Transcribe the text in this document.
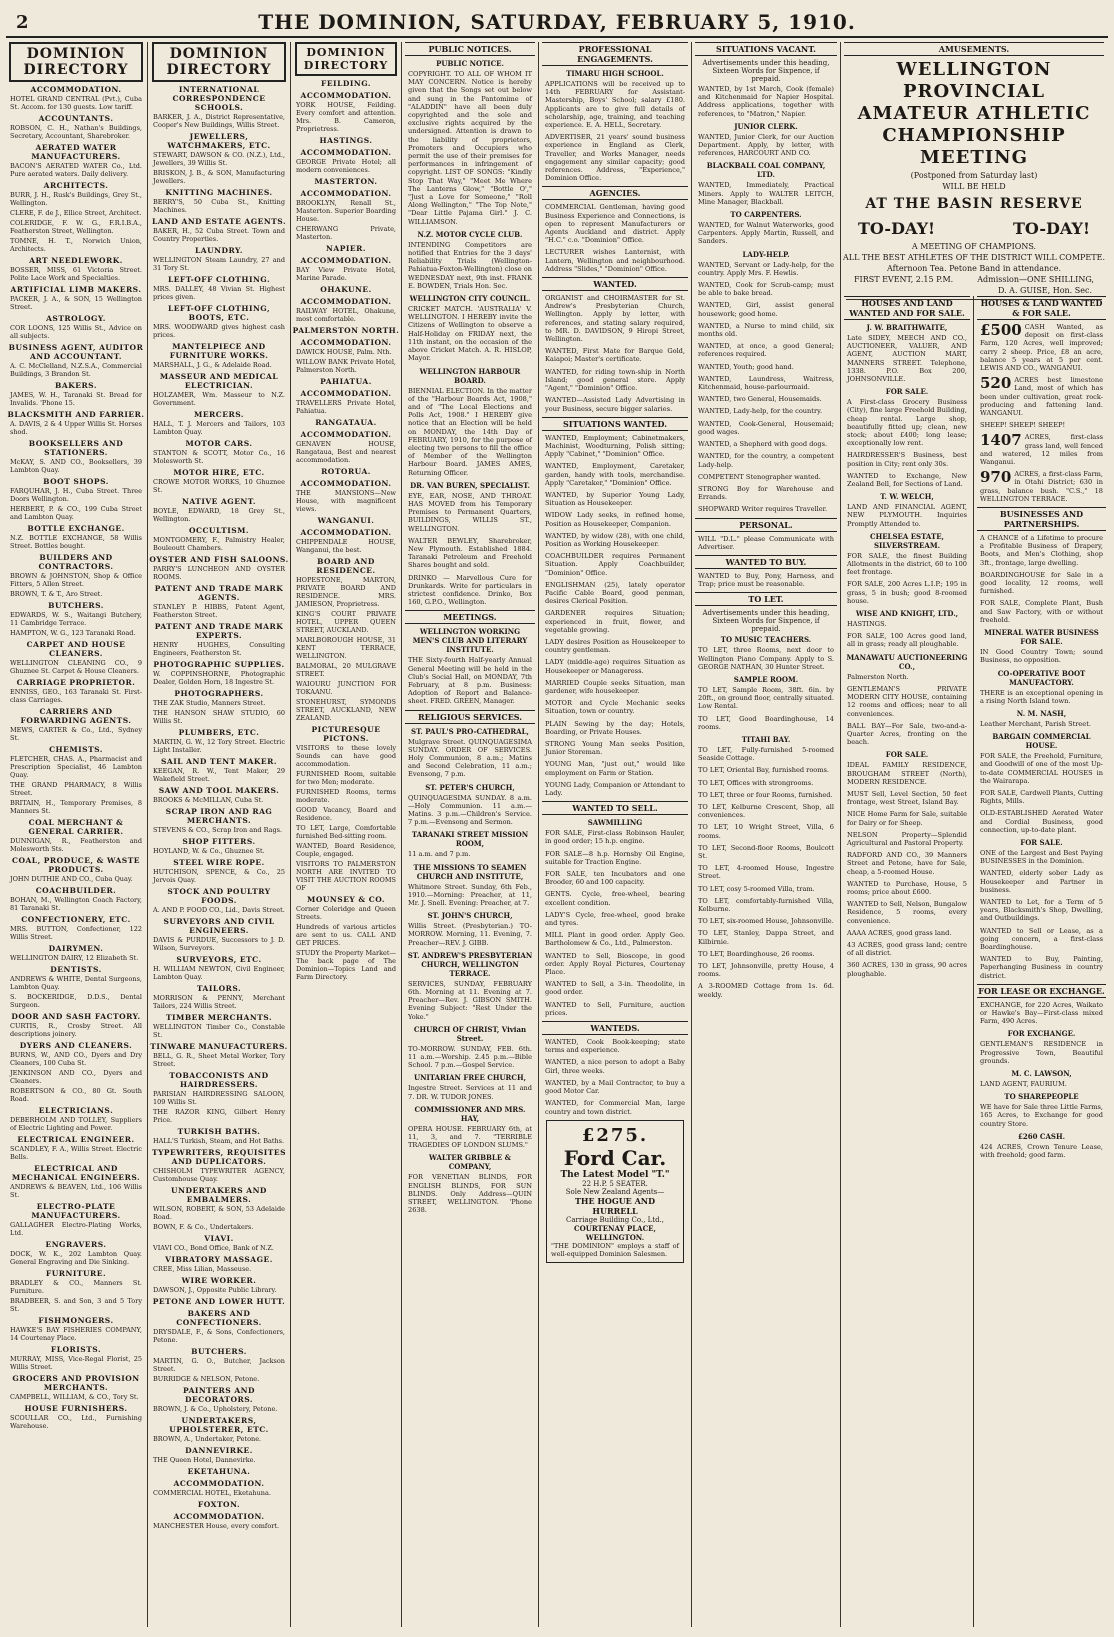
2	THE DOMINION, SATURDAY, FEBRUARY 5, 1910.
DOMINION DIRECTORY
ACCOMMODATION.
HOTEL GRAND CENTRAL (Pvt.), Cuba St. Accom. for 130 guests. Low tariff.
ACCOUNTANTS.
ROBSON, C. H., Nathan's Buildings, Secretary, Accountant, Sharebroker.
AERATED WATER MANUFACTURERS.
BACON'S AERATED WATER Co., Ltd. Pure aerated waters. Daily delivery.
ARCHITECTS.
BURR, J. H., Rusk's Buildings, Grey St., Wellington.
CLERE, F. de J., Ellice Street, Architect.
COLERIDGE, F. W. G., F.R.I.B.A., Featherston Street, Wellington.
TOMNE, H. T., Norwich Union, Architects.
ART NEEDLEWORK.
BOSSER, MISS, 61 Victoria Street. Polite Lace Work and Specialties.
ARTIFICIAL LIMB MAKERS.
PACKER, J. A., & SON, 15 Wellington Street.
ASTROLOGY.
COR LOONS, 125 Willis St., Advice on all subjects.
BUSINESS AGENT, AUDITOR AND ACCOUNTANT.
A. C. McClelland, N.Z.S.A., Commercial Buildings, 3 Brandon St.
BAKERS.
JAMES, W. H., Taranaki St. Bread for Invalids. 'Phone 15.
BLACKSMITH AND FARRIER.
A. DAVIS, 2 & 4 Upper Willis St. Horses shod.
BOOKSELLERS AND STATIONERS.
McKAY, S. AND CO., Booksellers, 39 Lambton Quay.
BOOT SHOPS.
FARQUHAR, J. H., Cuba Street. Three Doors Wellington.
HERBERT, P. & CO., 199 Cuba Street and Lambton Quay.
BOTTLE EXCHANGE.
N.Z. BOTTLE EXCHANGE, 58 Willis Street. Bottles bought.
BUILDERS AND CONTRACTORS.
BROWN & JOHNSTON, Shop & Office Fitters, 5 Allen Street.
BROWN, T. & T., Aro Street.
BUTCHERS.
EDWARDS, W. S., Waitangi Butchery, 11 Cambridge Terrace.
HAMPTON, W. G., 123 Taranaki Road.
CARPET AND HOUSE CLEANERS.
WELLINGTON CLEANING CO., 9 Ghuznee St. Carpet & House Cleaners.
CARRIAGE PROPRIETOR.
ENNISS, GEO., 163 Taranaki St. First-class Carriages.
CARRIERS AND FORWARDING AGENTS.
MEWS, CARTER & Co., Ltd., Sydney St.
CHEMISTS.
FLETCHER, CHAS. A., Pharmacist and Prescription Specialist, 46 Lambton Quay.
THE GRAND PHARMACY, 8 Willis Street.
BRITAIN, H., Temporary Premises, 8 Manners St.
COAL MERCHANT & GENERAL CARRIER.
DUNNIGAN, R., Featherston and Molesworth Sts.
COAL, PRODUCE, & WASTE PRODUCTS.
JOHN DUTHIE AND CO., Cuba Quay.
COACHBUILDER.
BOHAN, M., Wellington Coach Factory, 81 Taranaki St.
CONFECTIONERY, ETC.
MRS. BUTTON, Confectioner, 122 Willis Street.
DAIRYMEN.
WELLINGTON DAIRY, 12 Elizabeth St.
DENTISTS.
ANDREWS & WHITE, Dental Surgeons, Lambton Quay.
S. BOCKERIDGE, D.D.S., Dental Surgeon.
DOOR AND SASH FACTORY.
CURTIS, R., Crosby Street. All descriptions joinery.
DYERS AND CLEANERS.
BURNS, W., AND CO., Dyers and Dry Cleaners, 100 Cuba St.
JENKINSON AND CO., Dyers and Cleaners.
ROBERTSON & CO., 80 Gt. South Road.
ELECTRICIANS.
DEBERHOLM AND TOLLEY, Suppliers of Electric Lighting and Power.
ELECTRICAL ENGINEER.
SCANDLEY, F. A., Willis Street. Electric Bells.
ELECTRICAL AND MECHANICAL ENGINEERS.
ANDREWS & BEAVEN, Ltd., 106 Willis St.
ELECTRO-PLATE MANUFACTURERS.
GALLAGHER Electro-Plating Works, Ltd.
ENGRAVERS.
DOCK, W. K., 202 Lambton Quay. General Engraving and Die Sinking.
FURNITURE.
BRADLEY & CO., Manners St. Furniture.
BRADBEER, S. and Son, 3 and 5 Tory St.
FISHMONGERS.
HAWKE'S BAY FISHERIES COMPANY, 14 Courtenay Place.
FLORISTS.
MURRAY, MISS, Vice-Regal Florist, 25 Willis Street.
GROCERS AND PROVISION MERCHANTS.
CAMPBELL, WILLIAM, & CO., Tory St.
HOUSE FURNISHERS.
SCOULLAR CO., Ltd., Furnishing Warehouse.
DOMINION DIRECTORY
INTERNATIONAL CORRESPONDENCE SCHOOLS.
BARKER, J. A., District Representative, Cooper's New Buildings, Willis Street.
JEWELLERS, WATCHMAKERS, ETC.
STEWART, DAWSON & CO. (N.Z.), Ltd., Jewellers, 39 Willis St.
BRISKON, J. B., & SON, Manufacturing Jewellers.
KNITTING MACHINES.
BERRY'S, 50 Cuba St., Knitting Machines.
LAND AND ESTATE AGENTS.
BAKER, H., 52 Cuba Street. Town and Country Properties.
LAUNDRY.
WELLINGTON Steam Laundry, 27 and 31 Tory St.
LEFT-OFF CLOTHING.
MRS. DALLEY, 48 Vivian St. Highest prices given.
LEFT-OFF CLOTHING, BOOTS, ETC.
MRS. WOODWARD gives highest cash prices.
MANTELPIECE AND FURNITURE WORKS.
MARSHALL, J. G., & Adelaide Road.
MASSEUR AND MEDICAL ELECTRICIAN.
HOLZAMER, Wm. Masseur to N.Z. Government.
MERCERS.
HALL, T. J. Mercers and Tailors, 103 Lambton Quay.
MOTOR CARS.
STANTON & SCOTT, Motor Co., 16 Molesworth St.
MOTOR HIRE, ETC.
CROWE MOTOR WORKS, 10 Ghuznee St.
NATIVE AGENT.
BOYLE, EDWARD, 18 Grey St., Wellington.
OCCULTISM.
MONTGOMERY, F., Palmistry Healer, Bouleoutt Chambers.
OYSTER AND FISH SALOONS.
PARRY'S LUNCHEON AND OYSTER ROOMS.
PATENT AND TRADE MARK AGENTS.
STANLEY P. HIBBS, Patent Agent, Featherston Street.
PATENT AND TRADE MARK EXPERTS.
HENRY HUGHES, Consulting Engineers, Featherston St.
PHOTOGRAPHIC SUPPLIES.
W. COPPINSHORNE, Photographic Dealer, Golden Horn, 18 Ingestre St.
PHOTOGRAPHERS.
THE ZAK Studio, Manners Street.
THE HANSON SHAW STUDIO, 60 Willis St.
PLUMBERS, ETC.
MARTIN, G. W., 12 Tory Street. Electric Light Installer.
SAIL AND TENT MAKER.
KEEGAN, R. W., Tent Maker, 29 Wakefield Street.
SAW AND TOOL MAKERS.
BROOKS & McMILLAN, Cuba St.
SCRAP IRON AND RAG MERCHANTS.
STEVENS & CO., Scrap Iron and Rags.
SHOP FITTERS.
HOYLAND, W. & Co., Ghuznee St.
STEEL WIRE ROPE.
HUTCHISON, SPENCE, & Co., 25 Jervois Quay.
STOCK AND POULTRY FOODS.
A. AND P. FOOD CO., Lid., Davis Street.
SURVEYORS AND CIVIL ENGINEERS.
DAVIS & PURDUE, Successors to J. D. Wilson, Surveyors.
SURVEYORS, ETC.
H. WILLIAM NEWTON, Civil Engineer, Lambton Quay.
TAILORS.
MORRISON & PENNY, Merchant Tailors, 224 Willis Street.
TIMBER MERCHANTS.
WELLINGTON Timber Co., Constable St.
TINWARE MANUFACTURERS.
BELL, G. R., Sheet Metal Worker, Tory Street.
TOBACCONISTS AND HAIRDRESSERS.
PARISIAN HAIRDRESSING SALOON, 109 Willis St.
THE RAZOR KING, Gilbert Henry Price.
TURKISH BATHS.
HALL'S Turkish, Steam, and Hot Baths.
TYPEWRITERS, REQUISITES AND DUPLICATORS.
CHISHOLM TYPEWRITER AGENCY, Customhouse Quay.
UNDERTAKERS AND EMBALMERS.
WILSON, ROBERT, & SON, 53 Adelaide Road.
BOWN, F. & Co., Undertakers.
VIAVI.
VIAVI CO., Bond Office, Bank of N.Z.
VIBRATORY MASSAGE.
CREE, Miss Lilian, Masseuse.
WIRE WORKER.
DAWSON, J., Opposite Public Library.
PETONE AND LOWER HUTT.
BAKERS AND CONFECTIONERS.
DRYSDALE, F., & Sons, Confectioners, Petone.
BUTCHERS.
MARTIN, G. O., Butcher, Jackson Street.
BURRIDGE & NELSON, Petone.
PAINTERS AND DECORATORS.
BROWN, J. & Co., Upholstery, Petone.
UNDERTAKERS, UPHOLSTERER, ETC.
BROWN, A., Undertaker, Petone.
DANNEVIRKE.
THE Queen Hotel, Dannevirke.
EKETAHUNA.
ACCOMMODATION.
COMMERCIAL HOTEL, Eketahuna.
FOXTON.
ACCOMMODATION.
MANCHESTER House, every comfort.
DOMINION DIRECTORY
FEILDING.
ACCOMMODATION.
YORK HOUSE, Feilding. Every comfort and attention. Mrs. B. Cameron, Proprietress.
HASTINGS.
ACCOMMODATION.
GEORGE Private Hotel; all modern conveniences.
MASTERTON.
ACCOMMODATION.
BROOKLYN, Renall St., Masterton. Superior Boarding House.
CHERWANG Private, Masterton.
NAPIER.
ACCOMMODATION.
BAY View Private Hotel, Marine Parade.
OHAKUNE.
ACCOMMODATION.
RAILWAY HOTEL, Ohakune, most comfortable.
PALMERSTON NORTH.
ACCOMMODATION.
DAWICK HOUSE, Palm. Nth.
WILLOW BANK Private Hotel, Palmerston North.
PAHIATUA.
ACCOMMODATION.
TRAVELLERS Private Hotel, Pahiatua.
RANGATAUA.
ACCOMMODATION.
GENAVEN HOUSE, Rangataua, Best and nearest accommodation.
ROTORUA.
ACCOMMODATION.
THE MANSIONS—New House, with magnificent views.
WANGANUI.
ACCOMMODATION.
CHIPPENDALE HOUSE, Wanganui, the best.
BOARD AND RESIDENCE.
HOPESTONE, MARTON, PRIVATE BOARD AND RESIDENCE. MRS. JAMIESON, Proprietress.
KING'S COURT PRIVATE HOTEL, UPPER QUEEN STREET, AUCKLAND.
MARLBOROUGH HOUSE, 31 KENT TERRACE, WELLINGTON.
BALMORAL, 20 MULGRAVE STREET.
WAIOURU JUNCTION FOR TOKAANU.
STONEHURST, SYMONDS STREET, AUCKLAND, NEW ZEALAND.
PICTURESQUE PICTONS.
VISITORS to these lovely Sounds can have good accommodation.
FURNISHED Room, suitable for two Men; moderate.
FURNISHED Rooms, terms moderate.
GOOD Vacancy, Board and Residence.
TO LET, Large, Comfortable furnished Bed-sitting room.
WANTED, Board Residence, Couple, engaged.
VISITORS TO PALMERSTON NORTH ARE INVITED TO VISIT THE AUCTION ROOMS OF
MOUNSEY & CO.
Corner Coleridge and Queen Streets.
Hundreds of various articles are sent to us. CALL AND GET PRICES.
STUDY the Property Market—The back page of The Dominion—Topics Land and Farm Directory.
PUBLIC NOTICES.
PUBLIC NOTICE.
COPYRIGHT. TO ALL OF WHOM IT MAY CONCERN. Notice is hereby given that the Songs set out below and sung in the Pantomime of "ALADDIN" have all been duly copyrighted and the sole and exclusive rights acquired by the undersigned. Attention is drawn to the liability of proprietors, Promoters and Occupiers who permit the use of their premises for performances in infringement of copyright. LIST OF SONGS: "Kindly Stop That Way," "Meet Me Where The Lanterns Glow," "Bottle O'," "Just a Love for Someone," "Roll Along Wellington," "The Top Note," "Dear Little Pajama Girl." J. C. WILLIAMSON.
N.Z. MOTOR CYCLE CLUB.
INTENDING Competitors are notified that Entries for the 3 days' Reliability Trials (Wellington-Pahiatua-Foxton-Wellington) close on WEDNESDAY next, 9th inst. FRANK E. BOWDEN, Trials Hon. Sec.
WELLINGTON CITY COUNCIL.
CRICKET MATCH. 'AUSTRALIA' V. WELLINGTON. I HEREBY invite the Citizens of Wellington to observe a Half-Holiday on FRIDAY next, the 11th instant, on the occasion of the above Cricket Match. A. R. HISLOP, Mayor.
WELLINGTON HARBOUR BOARD.
BIENNIAL ELECTION. In the matter of the "Harbour Boards Act, 1908," and of "The Local Elections and Polls Act, 1908." I HEREBY give notice that an Election will be held on MONDAY, the 14th Day of FEBRUARY, 1910, for the purpose of electing two persons to fill the office of Member of the Wellington Harbour Board. JAMES AMES, Returning Officer.
DR. VAN BUREN, SPECIALIST.
EYE, EAR, NOSE, AND THROAT. HAS MOVED from his Temporary Premises to Permanent Quarters, BUILDINGS, WILLIS ST., WELLINGTON.
WALTER BEWLEY, Sharebroker, New Plymouth. Established 1884. Taranaki Petroleum and Freehold Shares bought and sold.
DRINKO — Marvellous Cure for Drunkards. Write for particulars in strictest confidence. Drinko, Box 160, G.P.O., Wellington.
MEETINGS.
WELLINGTON WORKING MEN'S CLUB AND LITERARY INSTITUTE.
THE Sixty-fourth Half-yearly Annual General Meeting will be held in the Club's Social Hall, on MONDAY, 7th February, at 8 p.m. Business: Adoption of Report and Balance-sheet. FRED. GREEN, Manager.
RELIGIOUS SERVICES.
ST. PAUL'S PRO-CATHEDRAL,
Mulgrave Street. QUINQUAGESIMA SUNDAY. ORDER OF SERVICES. Holy Communion, 8 a.m.; Matins and Second Celebration, 11 a.m.; Evensong, 7 p.m.
ST. PETER'S CHURCH,
QUINQUAGESIMA SUNDAY. 8 a.m.—Holy Communion. 11 a.m.—Matins. 3 p.m.—Children's Service. 7 p.m.—Evensong and Sermon.
TARANAKI STREET MISSION ROOM,
11 a.m. and 7 p.m.
THE MISSIONS TO SEAMEN CHURCH AND INSTITUTE,
Whitmore Street. Sunday, 6th Feb., 1910.—Morning: Preacher, at 11, Mr. J. Snell. Evening: Preacher, at 7.
ST. JOHN'S CHURCH,
Willis Street. (Presbyterian.) TO-MORROW. Morning, 11. Evening, 7. Preacher—REV. J. GIBB.
ST. ANDREW'S PRESBYTERIAN CHURCH, WELLINGTON TERRACE.
SERVICES, SUNDAY, FEBRUARY 6th. Morning at 11. Evening at 7. Preacher—Rev. J. GIBSON SMITH. Evening Subject: "Rest Under the Yoke."
CHURCH OF CHRIST, Vivian Street.
TO-MORROW. SUNDAY, FEB. 6th. 11 a.m.—Worship. 2.45 p.m.—Bible School. 7 p.m.—Gospel Service.
UNITARIAN FREE CHURCH,
Ingestre Street. Services at 11 and 7. DR. W. TUDOR JONES.
COMMISSIONER AND MRS. HAY,
OPERA HOUSE. FEBRUARY 6th, at 11, 3, and 7. "TERRIBLE TRAGEDIES OF LONDON SLUMS."
WALTER GRIBBLE & COMPANY,
FOR VENETIAN BLINDS, FOR ENGLISH BLINDS, FOR SUN BLINDS. Only Address—QUIN STREET, WELLINGTON. 'Phone 2638.
PROFESSIONAL ENGAGEMENTS.
TIMARU HIGH SCHOOL.
APPLICATIONS will be received up to 14th FEBRUARY for Assistant-Mastership, Boys' School; salary £180. Applicants are to give full details of scholarship, age, training, and teaching experience. E. A. HELL, Secretary.
ADVERTISER, 21 years' sound business experience in England as Clerk, Traveller, and Works Manager, needs engagement any similar capacity; good references. Address, "Experience," Dominion Office.
AGENCIES.
COMMERCIAL Gentleman, having good Business Experience and Connections, is open to represent Manufacturers or Agents Auckland and district. Apply "H.C." c.o. "Dominion" Office.
LECTURER wishes Lanternist, with Lantern, Wellington and neighbourhood. Address "Slides," "Dominion" Office.
WANTED.
ORGANIST and CHOIRMASTER for St. Andrew's Presbyterian Church, Wellington. Apply by letter, with references, and stating salary required, to MR. D. DAVIDSON, 9 Hiropi Street, Wellington.
WANTED, First Mate for Barque Gold, Kaiapoi; Master's certificate.
WANTED, for riding town-ship in North Island; good general store. Apply "Agent," "Dominion" Office.
WANTED—Assisted Lady Advertising in your Business, secure bigger salaries.
SITUATIONS WANTED.
WANTED, Employment; Cabinetmakers, Machinist, Woodturning, Polish sitting; Apply "Cabinet," "Dominion" Office.
WANTED, Employment, Caretaker, garden, handy with tools, merchandise. Apply "Caretaker," "Dominion" Office.
WANTED, by Superior Young Lady, Situation as Housekeeper.
WIDOW Lady seeks, in refined home, Position as Housekeeper, Companion.
WANTED, by widow (28), with one child, Position as Working Housekeeper.
COACHBUILDER requires Permanent Situation. Apply Coachbuilder, "Dominion" Office.
ENGLISHMAN (25), lately operator Pacific Cable Board, good penman, desires Clerical Position.
GARDENER requires Situation; experienced in fruit, flower, and vegetable growing.
LADY desires Position as Housekeeper to country gentleman.
LADY (middle-age) requires Situation as Housekeeper or Manageress.
MARRIED Couple seeks Situation, man gardener, wife housekeeper.
MOTOR and Cycle Mechanic seeks Situation, town or country.
PLAIN Sewing by the day; Hotels, Boarding, or Private Houses.
STRONG Young Man seeks Position, Junior Storeman.
YOUNG Man, "just out," would like employment on Farm or Station.
YOUNG Lady, Companion or Attendant to Lady.
WANTED TO SELL.
SAWMILLING
FOR SALE, First-class Robinson Hauler, in good order; 15 h.p. engine.
FOR SALE—8 h.p. Hornsby Oil Engine, suitable for Traction Engine.
FOR SALE, ten Incubators and one Brooder, 60 and 100 capacity.
GENTS. Cycle, free-wheel, bearing excellent condition.
LADY'S Cycle, free-wheel, good brake and tyres.
MILL Plant in good order. Apply Geo. Bartholomew & Co., Ltd., Palmerston.
WANTED to Sell, Bioscope, in good order. Apply Royal Pictures, Courtenay Place.
WANTED to Sell, a 3-in. Theodolite, in good order.
WANTED to Sell, Furniture, auction prices.
WANTEDS.
WANTED, Cook Book-keeping; state terms and experience.
WANTED, a nice person to adopt a Baby Girl, three weeks.
WANTED, by a Mail Contractor, to buy a good Motor Car.
WANTED, for Commercial Man, large country and town district.
£275.
Ford Car.
The Latest Model "T."
22 H.P. 5 SEATER.
Sole New Zealand Agents—
THE HOGUE AND HURRELL
Carriage Building Co., Ltd.,
COURTENAY PLACE, WELLINGTON.
"THE DOMINION" employs a staff of well-equipped Dominion Salesmen.
SITUATIONS VACANT.
Advertisements under this heading, Sixteen Words for Sixpence, if prepaid.
WANTED, by 1st March, Cook (female) and Kitchenmaid for Napier Hospital. Address applications, together with references, to "Matron," Napier.
JUNIOR CLERK.
WANTED, Junior Clerk, for our Auction Department. Apply, by letter, with references, HARCOURT AND CO.
BLACKBALL COAL COMPANY, LTD.
WANTED, Immediately, Practical Miners. Apply to WALTER LEITCH, Mine Manager, Blackball.
TO CARPENTERS.
WANTED, for Walnut Waterworks, good Carpenters. Apply Martin, Russell, and Sanders.
LADY-HELP.
WANTED, Servant or Lady-help, for the country. Apply Mrs. F. Hewlis.
WANTED, Cook for Scrub-camp; must be able to bake bread.
WANTED, Girl, assist general housework; good home.
WANTED, a Nurse to mind child, six months old.
WANTED, at once, a good General; references required.
WANTED, Youth; good hand.
WANTED, Laundress, Waitress, Kitchenmaid, house-parlourmaid.
WANTED, two General, Housemaids.
WANTED, Lady-help, for the country.
WANTED, Cook-General, Housemaid; good wages.
WANTED, a Shepherd with good dogs.
WANTED, for the country, a competent Lady-help.
COMPETENT Stenographer wanted.
STRONG Boy for Warehouse and Errands.
SHOPWARD Writer requires Traveller.
PERSONAL.
WILL "D.L." please Communicate with Advertiser.
WANTED TO BUY.
WANTED to Buy, Pony, Harness, and Trap; price must be reasonable.
TO LET.
Advertisements under this heading, Sixteen Words for Sixpence, if prepaid.
TO MUSIC TEACHERS.
TO LET, three Rooms, next door to Wellington Piano Company. Apply to S. GEORGE NATHAN, 30 Hunter Street.
SAMPLE ROOM.
TO LET, Sample Room, 38ft. 6in. by 20ft., on ground floor, centrally situated. Low Rental.
TO LET, Good Boardinghouse, 14 rooms.
TITAHI BAY.
TO LET, Fully-furnished 5-roomed Seaside Cottage.
TO LET, Oriental Bay, furnished rooms.
TO LET, Offices with strongrooms.
TO LET, three or four Rooms, furnished.
TO LET, Kelburne Crescent, Shop, all conveniences.
TO LET, 10 Wright Street, Villa, 6 rooms.
TO LET, Second-floor Rooms, Boulcott St.
TO LET, 4-roomed House, Ingestre Street.
TO LET, cosy 5-roomed Villa, tram.
TO LET, comfortably-furnished Villa, Kelburne.
TO LET, six-roomed House, Johnsonville.
TO LET, Stanley, Dappa Street, and Kilbirnie.
TO LET, Boardinghouse, 26 rooms.
TO LET, Johnsonville, pretty House, 4 rooms.
A 3-ROOMED Cottage from 1s. 6d. weekly.
AMUSEMENTS.
WELLINGTON PROVINCIAL
AMATEUR ATHLETIC
CHAMPIONSHIP MEETING
(Postponed from Saturday last)
WILL BE HELD
AT THE BASIN RESERVE
TO-DAY!	TO-DAY!
A MEETING OF CHAMPIONS.
ALL THE BEST ATHLETES OF THE DISTRICT WILL COMPETE.
Afternoon Tea. Petone Band in attendance.
FIRST EVENT, 2.15 P.M.	Admission—ONE SHILLING,
D. A. GUISE, Hon. Sec.
HOUSES AND LAND WANTED AND FOR SALE.
J. W. BRAITHWAITE,
Late SIDEY, MEECH AND CO., AUCTIONEER, VALUER, AND AGENT, AUCTION MART, MANNERS STREET. Telephone, 1338. P.O. Box 200, JOHNSONVILLE.
FOR SALE.
A First-class Grocery Business (City), fine large Freehold Building, cheap rental. Large shop, beautifully fitted up; clean, new stock; about £400; long lease; exceptionally low rent.
HAIRDRESSER'S Business, best position in City; rent only 30s.
WANTED to Exchange, New Zealand Bell, for Sections of Land.
T. W. WELCH,
LAND AND FINANCIAL AGENT, NEW PLYMOUTH. Inquiries Promptly Attended to.
CHELSEA ESTATE, SILVERSTREAM.
FOR SALE, the finest Building Allotments in the district, 60 to 100 feet frontage.
FOR SALE, 200 Acres L.I.P.; 195 in grass, 5 in bush; good 8-roomed house.
WISE AND KNIGHT, LTD.,
HASTINGS.
FOR SALE, 100 Acres good land, all in grass; ready all ploughable.
MANAWATU AUCTIONEERING CO.,
Palmerston North.
GENTLEMAN'S PRIVATE MODERN CITY HOUSE, containing 12 rooms and offices; near to all conveniences.
BALL BAY—For Sale, two-and-a-Quarter Acres, fronting on the beach.
FOR SALE.
IDEAL FAMILY RESIDENCE, BROUGHAM STREET (North), MODERN RESIDENCE.
MUST Sell, Level Section, 50 feet frontage, west Street, Island Bay.
NICE Home Farm for Sale, suitable for Dairy or for Sheep.
NELSON Property—Splendid Agricultural and Pastoral Property.
RADFORD AND CO., 39 Manners Street and Petone, have for Sale, cheap, a 5-roomed House.
WANTED to Purchase, House, 5 rooms; price about £600.
WANTED to Sell, Nelson, Bungalow Residence, 5 rooms, every convenience.
AAAA ACRES, good grass land.
43 ACRES, good grass land; centre of all district.
360 ACRES, 130 in grass, 90 acres ploughable.
HOUSES & LAND WANTED & FOR SALE.
£500 CASH Wanted, as deposit on first-class Farm, 120 Acres, well improved; carry 2 sheep. Price, £8 an acre, balance 5 years at 5 per cent. LEWIS AND CO., WANGANUI.
520 ACRES best limestone Land, most of which has been under cultivation, great rock-producing and fattening land. WANGANUI.
SHEEP! SHEEP! SHEEP!
1407 ACRES, first-class grass land, well fenced and watered, 12 miles from Wanganui.
970 ACRES, a first-class Farm, in Otahi District; 630 in grass, balance bush. "C.S.," 18 WELLINGTON TERRACE.
BUSINESSES AND PARTNERSHIPS.
A CHANCE of a Lifetime to procure a Profitable Business of Drapery, Boots, and Men's Clothing, shop 3ft., frontage, large dwelling.
BOARDINGHOUSE for Sale in a good locality, 12 rooms, well furnished.
FOR SALE, Complete Plant, Bush and Saw Factory, with or without freehold.
MINERAL WATER BUSINESS FOR SALE.
IN Good Country Town; sound Business, no opposition.
CO-OPERATIVE BOOT MANUFACTORY.
THERE is an exceptional opening in a rising North Island town.
N. M. NASH,
Leather Merchant, Parish Street.
BARGAIN COMMERCIAL HOUSE.
FOR SALE, the Freehold, Furniture, and Goodwill of one of the most Up-to-date COMMERCIAL HOUSES in the Wairarapa.
FOR SALE, Cardwell Plants, Cutting Rights, Mills.
OLD-ESTABLISHED Aerated Water and Cordial Business, good connection, up-to-date plant.
FOR SALE.
ONE of the Largest and Best Paying BUSINESSES in the Dominion.
WANTED, elderly sober Lady as Housekeeper and Partner in business.
WANTED to Let, for a Term of 5 years, Blacksmith's Shop, Dwelling, and Outbuildings.
WANTED to Sell or Lease, as a going concern, a first-class Boardinghouse.
WANTED to Buy, Painting, Paperhanging Business in country district.
FOR LEASE OR EXCHANGE.
EXCHANGE, for 220 Acres, Waikato or Hawke's Bay—First-class mixed Farm, 490 Acres.
FOR EXCHANGE.
GENTLEMAN'S RESIDENCE in Progressive Town, Beautiful grounds.
M. C. LAWSON,
LAND AGENT, FAURIUM.
TO SHAREPEOPLE
WE have for Sale three Little Farms, 165 Acres, to Exchange for good country Store.
£260 CASH.
424 ACRES, Crown Tenure Lease, with freehold; good farm.
